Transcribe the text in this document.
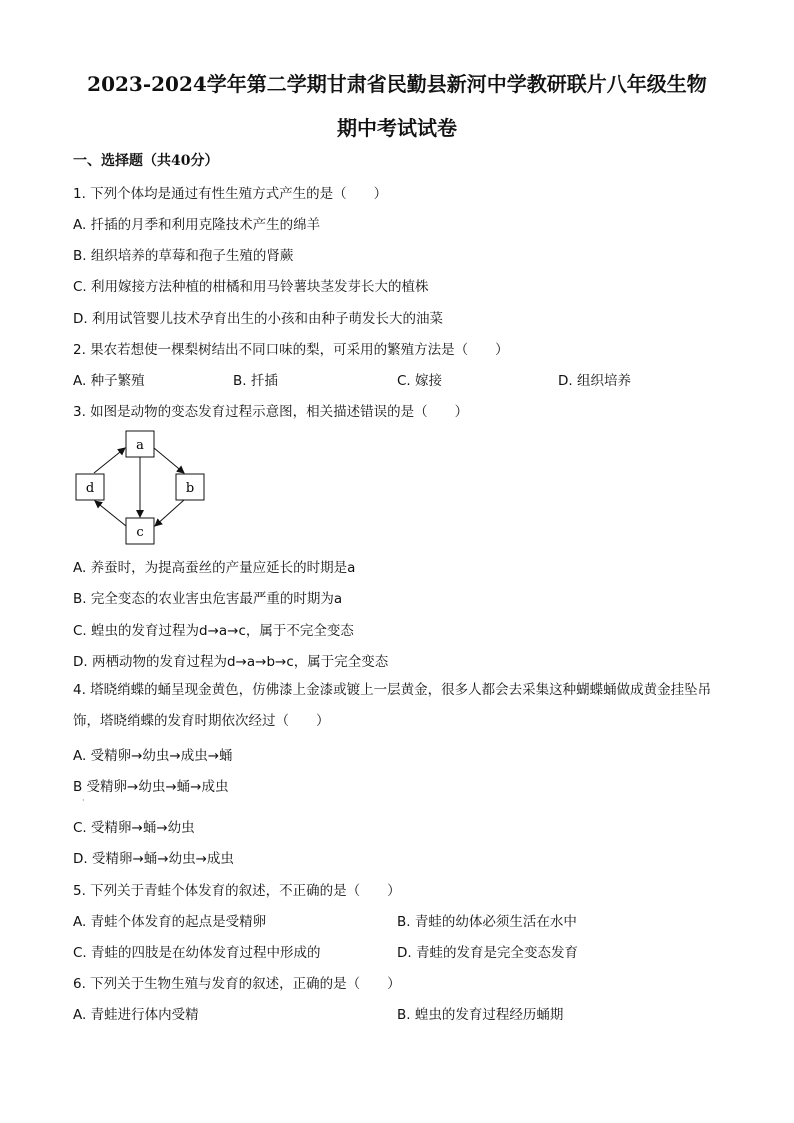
2023-2024学年第二学期甘肃省民勤县新河中学教研联片八年级生物
期中考试试卷
一、选择题（共40分）
1. 下列个体均是通过有性生殖方式产生的是（　　）
A. 扦插的月季和利用克隆技术产生的绵羊
B. 组织培养的草莓和孢子生殖的肾蕨
C. 利用嫁接方法种植的柑橘和用马铃薯块茎发芽长大的植株
D. 利用试管婴儿技术孕育出生的小孩和由种子萌发长大的油菜
2. 果农若想使一棵梨树结出不同口味的梨，可采用的繁殖方法是（　　）
A. 种子繁殖	B. 扦插	C. 嫁接	D. 组织培养
3. 如图是动物的变态发育过程示意图，相关描述错误的是（　　）
a
b
c
d
A. 养蚕时，为提高蚕丝的产量应延长的时期是a
B. 完全变态的农业害虫危害最严重的时期为a
C. 蝗虫的发育过程为d→a→c，属于不完全变态
D. 两栖动物的发育过程为d→a→b→c，属于完全变态
4. 塔晓绡蝶的蛹呈现金黄色，仿佛漆上金漆或镀上一层黄金，很多人都会去采集这种蝴蝶蛹做成黄金挂坠吊饰，塔晓绡蝶的发育时期依次经过（　　）
A. 受精卵→幼虫→成虫→蛹
B 受精卵→幼虫→蛹→成虫
·
C. 受精卵→蛹→幼虫
D. 受精卵→蛹→幼虫→成虫
5. 下列关于青蛙个体发育的叙述，不正确的是（　　）
A. 青蛙个体发育的起点是受精卵	B. 青蛙的幼体必须生活在水中
C. 青蛙的四肢是在幼体发育过程中形成的	D. 青蛙的发育是完全变态发育
6. 下列关于生物生殖与发育的叙述，正确的是（　　）
A. 青蛙进行体内受精	B. 蝗虫的发育过程经历蛹期
